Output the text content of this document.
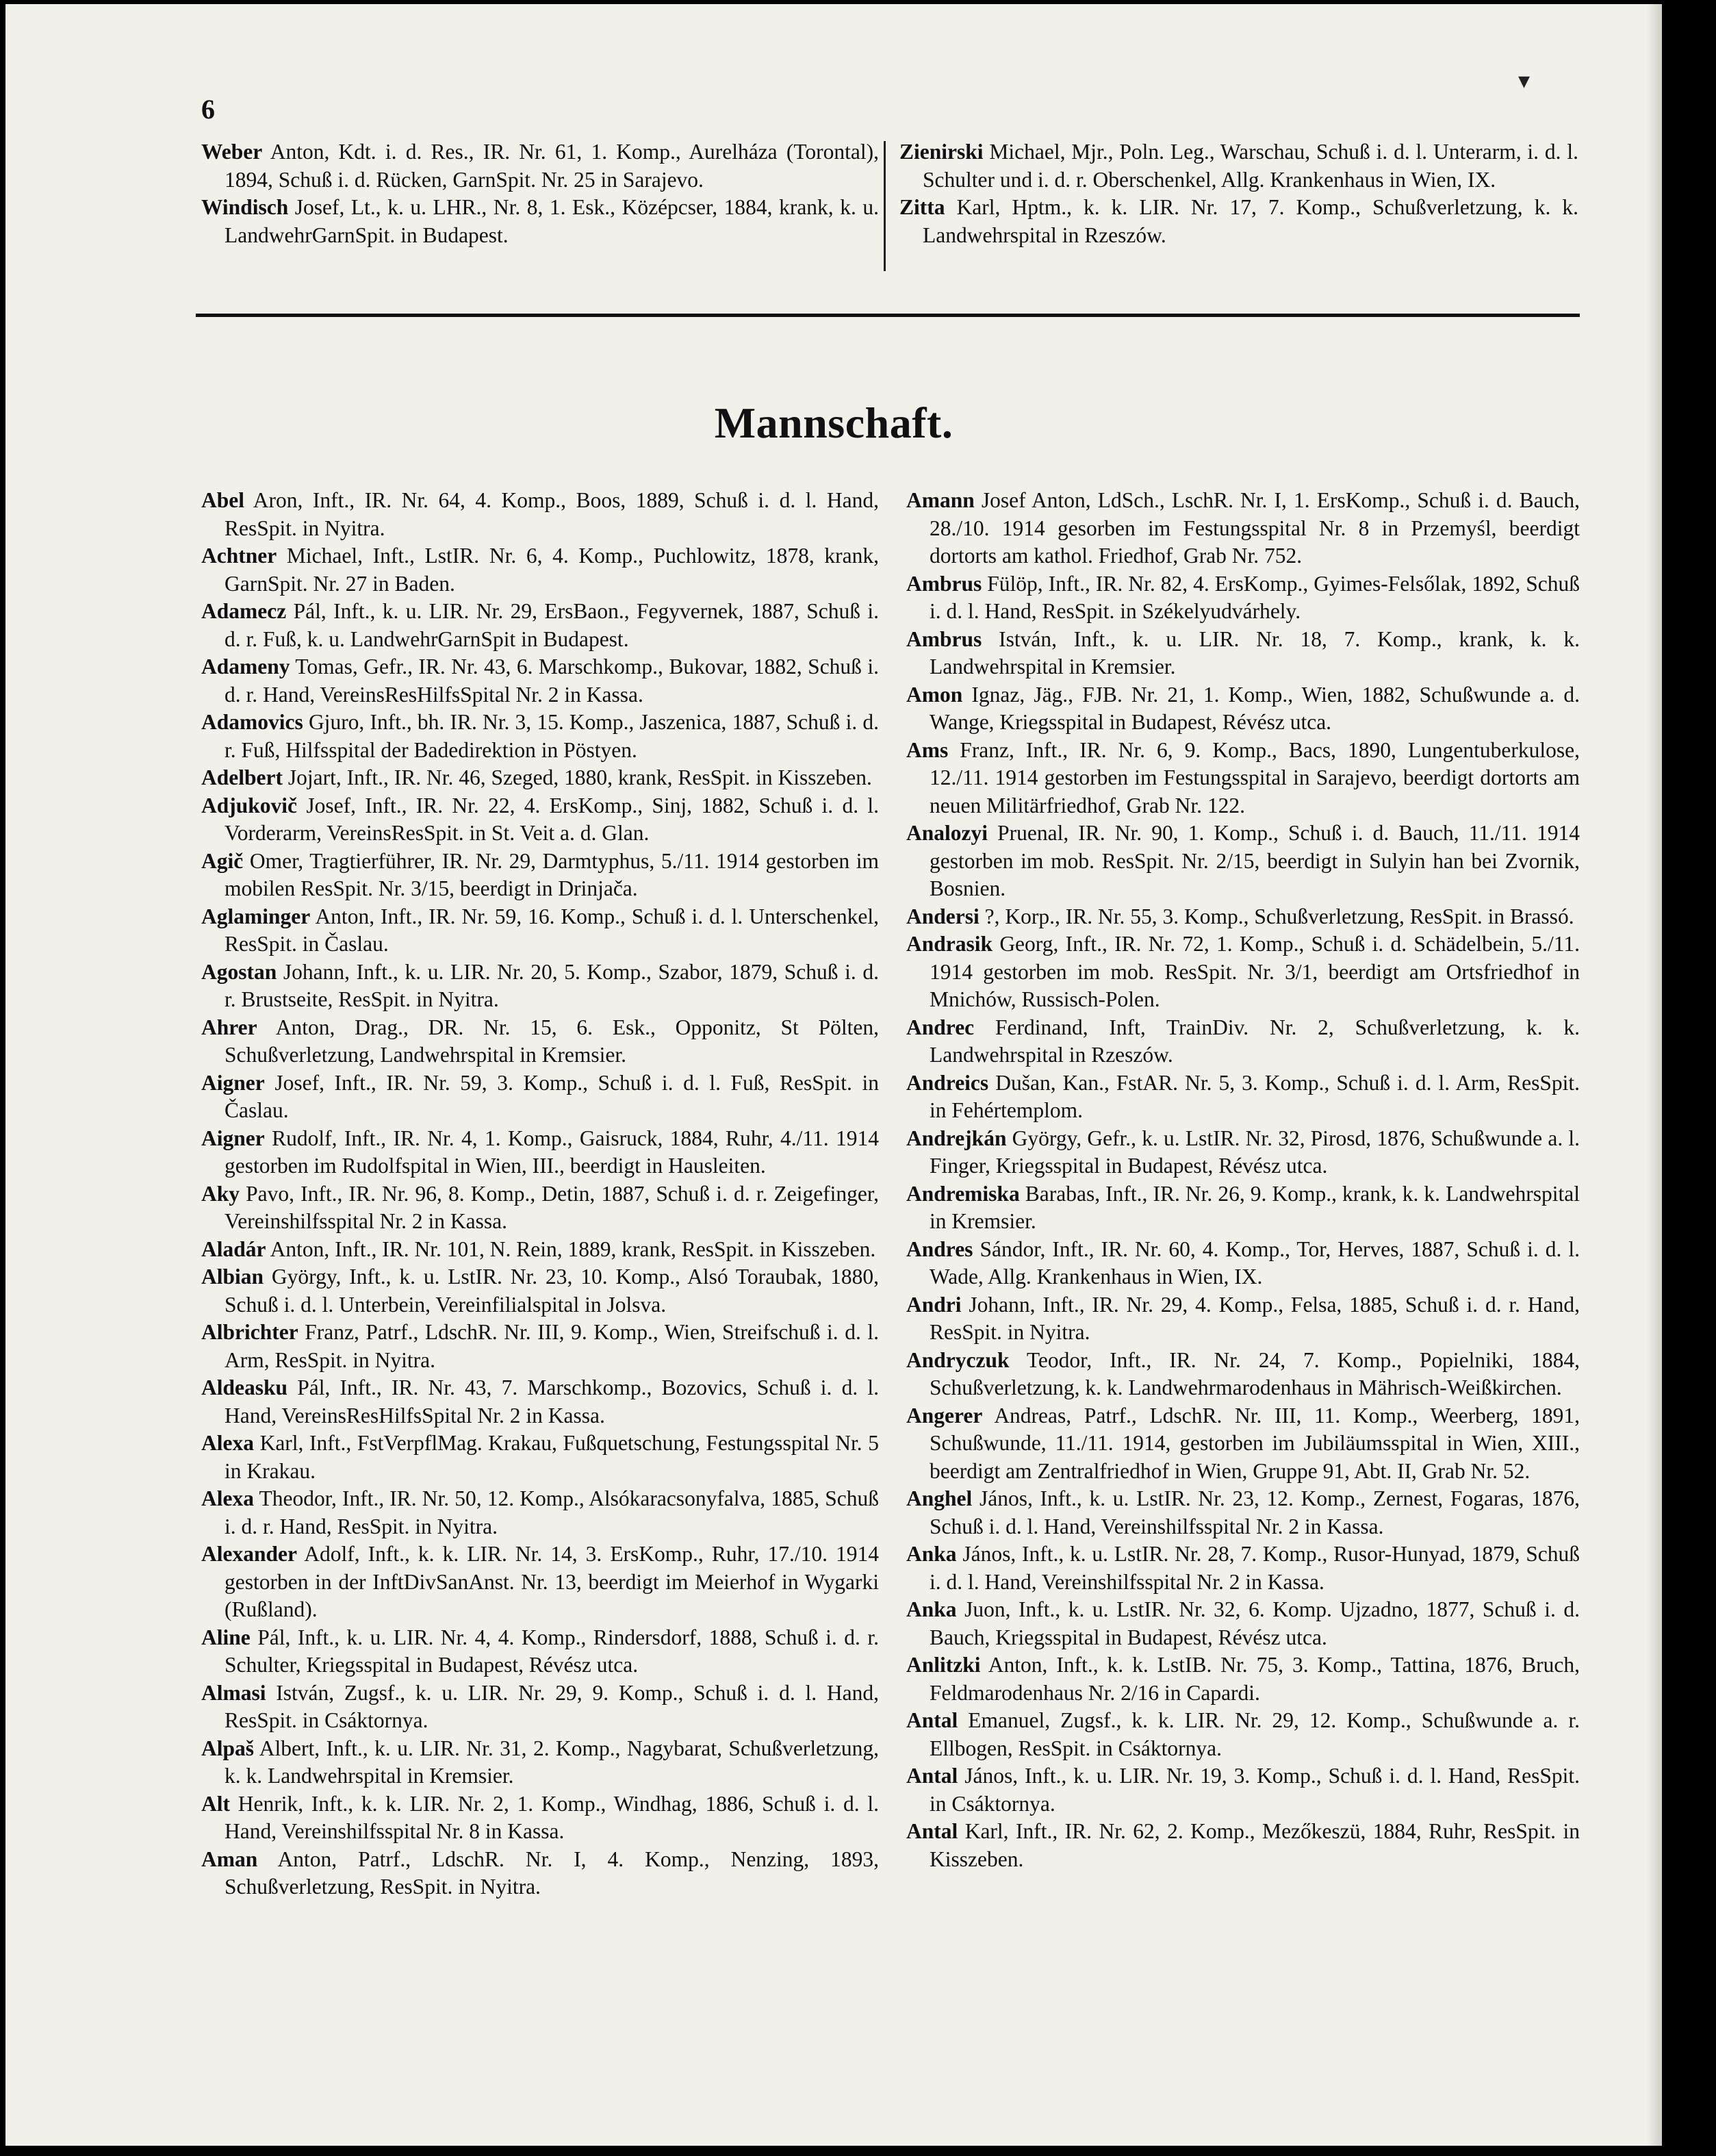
6
▾

Weber Anton, Kdt. i. d. Res., IR. Nr. 61, 1. Komp., Aurelháza (Torontal), 1894, Schuß i. d. Rücken, GarnSpit. Nr. 25 in Sarajevo.

Windisch Josef, Lt., k. u. LHR., Nr. 8, 1. Esk., Középcser, 1884, krank, k. u. LandwehrGarnSpit. in Budapest.

Zienirski Michael, Mjr., Poln. Leg., Warschau, Schuß i. d. l. Unterarm, i. d. l. Schulter und i. d. r. Oberschenkel, Allg. Krankenhaus in Wien, IX.

Zitta Karl, Hptm., k. k. LIR. Nr. 17, 7. Komp., Schußverletzung, k. k. Landwehrspital in Rzeszów.

Mannschaft.

Abel Aron, Inft., IR. Nr. 64, 4. Komp., Boos, 1889, Schuß i. d. l. Hand, ResSpit. in Nyitra.

Achtner Michael, Inft., LstIR. Nr. 6, 4. Komp., Puchlowitz, 1878, krank, GarnSpit. Nr. 27 in Baden.

Adamecz Pál, Inft., k. u. LIR. Nr. 29, ErsBaon., Fegyvernek, 1887, Schuß i. d. r. Fuß, k. u. LandwehrGarnSpit in Budapest.

Adameny Tomas, Gefr., IR. Nr. 43, 6. Marschkomp., Bukovar, 1882, Schuß i. d. r. Hand, VereinsResHilfsSpital Nr. 2 in Kassa.

Adamovics Gjuro, Inft., bh. IR. Nr. 3, 15. Komp., Jaszenica, 1887, Schuß i. d. r. Fuß, Hilfsspital der Badedirektion in Pöstyen.

Adelbert Jojart, Inft., IR. Nr. 46, Szeged, 1880, krank, ResSpit. in Kisszeben.

Adjukovič Josef, Inft., IR. Nr. 22, 4. ErsKomp., Sinj, 1882, Schuß i. d. l. Vorderarm, VereinsResSpit. in St. Veit a. d. Glan.

Agič Omer, Tragtierführer, IR. Nr. 29, Darmtyphus, 5./11. 1914 gestorben im mobilen ResSpit. Nr. 3/15, beerdigt in Drinjača.

Aglaminger Anton, Inft., IR. Nr. 59, 16. Komp., Schuß i. d. l. Unterschenkel, ResSpit. in Časlau.

Agostan Johann, Inft., k. u. LIR. Nr. 20, 5. Komp., Szabor, 1879, Schuß i. d. r. Brustseite, ResSpit. in Nyitra.

Ahrer Anton, Drag., DR. Nr. 15, 6. Esk., Opponitz, St Pölten, Schußverletzung, Landwehrspital in Kremsier.

Aigner Josef, Inft., IR. Nr. 59, 3. Komp., Schuß i. d. l. Fuß, ResSpit. in Časlau.

Aigner Rudolf, Inft., IR. Nr. 4, 1. Komp., Gaisruck, 1884, Ruhr, 4./11. 1914 gestorben im Rudolfspital in Wien, III., beerdigt in Hausleiten.

Aky Pavo, Inft., IR. Nr. 96, 8. Komp., Detin, 1887, Schuß i. d. r. Zeigefinger, Vereinshilfsspital Nr. 2 in Kassa.

Aladár Anton, Inft., IR. Nr. 101, N. Rein, 1889, krank, ResSpit. in Kisszeben.

Albian György, Inft., k. u. LstIR. Nr. 23, 10. Komp., Alsó Toraubak, 1880, Schuß i. d. l. Unterbein, Vereinfilialspital in Jolsva.

Albrichter Franz, Patrf., LdschR. Nr. III, 9. Komp., Wien, Streifschuß i. d. l. Arm, ResSpit. in Nyitra.

Aldeasku Pál, Inft., IR. Nr. 43, 7. Marschkomp., Bozovics, Schuß i. d. l. Hand, VereinsResHilfsSpital Nr. 2 in Kassa.

Alexa Karl, Inft., FstVerpflMag. Krakau, Fußquetschung, Festungsspital Nr. 5 in Krakau.

Alexa Theodor, Inft., IR. Nr. 50, 12. Komp., Alsókaracsonyfalva, 1885, Schuß i. d. r. Hand, ResSpit. in Nyitra.

Alexander Adolf, Inft., k. k. LIR. Nr. 14, 3. ErsKomp., Ruhr, 17./10. 1914 gestorben in der InftDivSanAnst. Nr. 13, beerdigt im Meierhof in Wygarki (Rußland).

Aline Pál, Inft., k. u. LIR. Nr. 4, 4. Komp., Rindersdorf, 1888, Schuß i. d. r. Schulter, Kriegsspital in Budapest, Révész utca.

Almasi István, Zugsf., k. u. LIR. Nr. 29, 9. Komp., Schuß i. d. l. Hand, ResSpit. in Csáktornya.

Alpaš Albert, Inft., k. u. LIR. Nr. 31, 2. Komp., Nagybarat, Schußverletzung, k. k. Landwehrspital in Kremsier.

Alt Henrik, Inft., k. k. LIR. Nr. 2, 1. Komp., Windhag, 1886, Schuß i. d. l. Hand, Vereinshilfsspital Nr. 8 in Kassa.

Aman Anton, Patrf., LdschR. Nr. I, 4. Komp., Nenzing, 1893, Schußverletzung, ResSpit. in Nyitra.

Amann Josef Anton, LdSch., LschR. Nr. I, 1. ErsKomp., Schuß i. d. Bauch, 28./10. 1914 gesorben im Festungsspital Nr. 8 in Przemyśl, beerdigt dortorts am kathol. Friedhof, Grab Nr. 752.

Ambrus Fülöp, Inft., IR. Nr. 82, 4. ErsKomp., Gyimes-Felsőlak, 1892, Schuß i. d. l. Hand, ResSpit. in Székelyudvárhely.

Ambrus István, Inft., k. u. LIR. Nr. 18, 7. Komp., krank, k. k. Landwehrspital in Kremsier.

Amon Ignaz, Jäg., FJB. Nr. 21, 1. Komp., Wien, 1882, Schußwunde a. d. Wange, Kriegsspital in Budapest, Révész utca.

Ams Franz, Inft., IR. Nr. 6, 9. Komp., Bacs, 1890, Lungentuberkulose, 12./11. 1914 gestorben im Festungsspital in Sarajevo, beerdigt dortorts am neuen Militärfriedhof, Grab Nr. 122.

Analozyi Pruenal, IR. Nr. 90, 1. Komp., Schuß i. d. Bauch, 11./11. 1914 gestorben im mob. ResSpit. Nr. 2/15, beerdigt in Sulyin han bei Zvornik, Bosnien.

Andersi ?, Korp., IR. Nr. 55, 3. Komp., Schußverletzung, ResSpit. in Brassó.

Andrasik Georg, Inft., IR. Nr. 72, 1. Komp., Schuß i. d. Schädelbein, 5./11. 1914 gestorben im mob. ResSpit. Nr. 3/1, beerdigt am Ortsfriedhof in Mnichów, Russisch-Polen.

Andrec Ferdinand, Inft, TrainDiv. Nr. 2, Schußverletzung, k. k. Landwehrspital in Rzeszów.

Andreics Dušan, Kan., FstAR. Nr. 5, 3. Komp., Schuß i. d. l. Arm, ResSpit. in Fehértemplom.

Andrejkán György, Gefr., k. u. LstIR. Nr. 32, Pirosd, 1876, Schußwunde a. l. Finger, Kriegsspital in Budapest, Révész utca.

Andremiska Barabas, Inft., IR. Nr. 26, 9. Komp., krank, k. k. Landwehrspital in Kremsier.

Andres Sándor, Inft., IR. Nr. 60, 4. Komp., Tor, Herves, 1887, Schuß i. d. l. Wade, Allg. Krankenhaus in Wien, IX.

Andri Johann, Inft., IR. Nr. 29, 4. Komp., Felsa, 1885, Schuß i. d. r. Hand, ResSpit. in Nyitra.

Andryczuk Teodor, Inft., IR. Nr. 24, 7. Komp., Popielniki, 1884, Schußverletzung, k. k. Landwehrmarodenhaus in Mährisch-Weißkirchen.

Angerer Andreas, Patrf., LdschR. Nr. III, 11. Komp., Weerberg, 1891, Schußwunde, 11./11. 1914, gestorben im Jubiläumsspital in Wien, XIII., beerdigt am Zentralfriedhof in Wien, Gruppe 91, Abt. II, Grab Nr. 52.

Anghel János, Inft., k. u. LstIR. Nr. 23, 12. Komp., Zernest, Fogaras, 1876, Schuß i. d. l. Hand, Vereinshilfsspital Nr. 2 in Kassa.

Anka János, Inft., k. u. LstIR. Nr. 28, 7. Komp., Rusor-Hunyad, 1879, Schuß i. d. l. Hand, Vereinshilfsspital Nr. 2 in Kassa.

Anka Juon, Inft., k. u. LstIR. Nr. 32, 6. Komp. Ujzadno, 1877, Schuß i. d. Bauch, Kriegsspital in Budapest, Révész utca.

Anlitzki Anton, Inft., k. k. LstIB. Nr. 75, 3. Komp., Tattina, 1876, Bruch, Feldmarodenhaus Nr. 2/16 in Capardi.

Antal Emanuel, Zugsf., k. k. LIR. Nr. 29, 12. Komp., Schußwunde a. r. Ellbogen, ResSpit. in Csáktornya.

Antal János, Inft., k. u. LIR. Nr. 19, 3. Komp., Schuß i. d. l. Hand, ResSpit. in Csáktornya.

Antal Karl, Inft., IR. Nr. 62, 2. Komp., Mezőkeszü, 1884, Ruhr, ResSpit. in Kisszeben.
